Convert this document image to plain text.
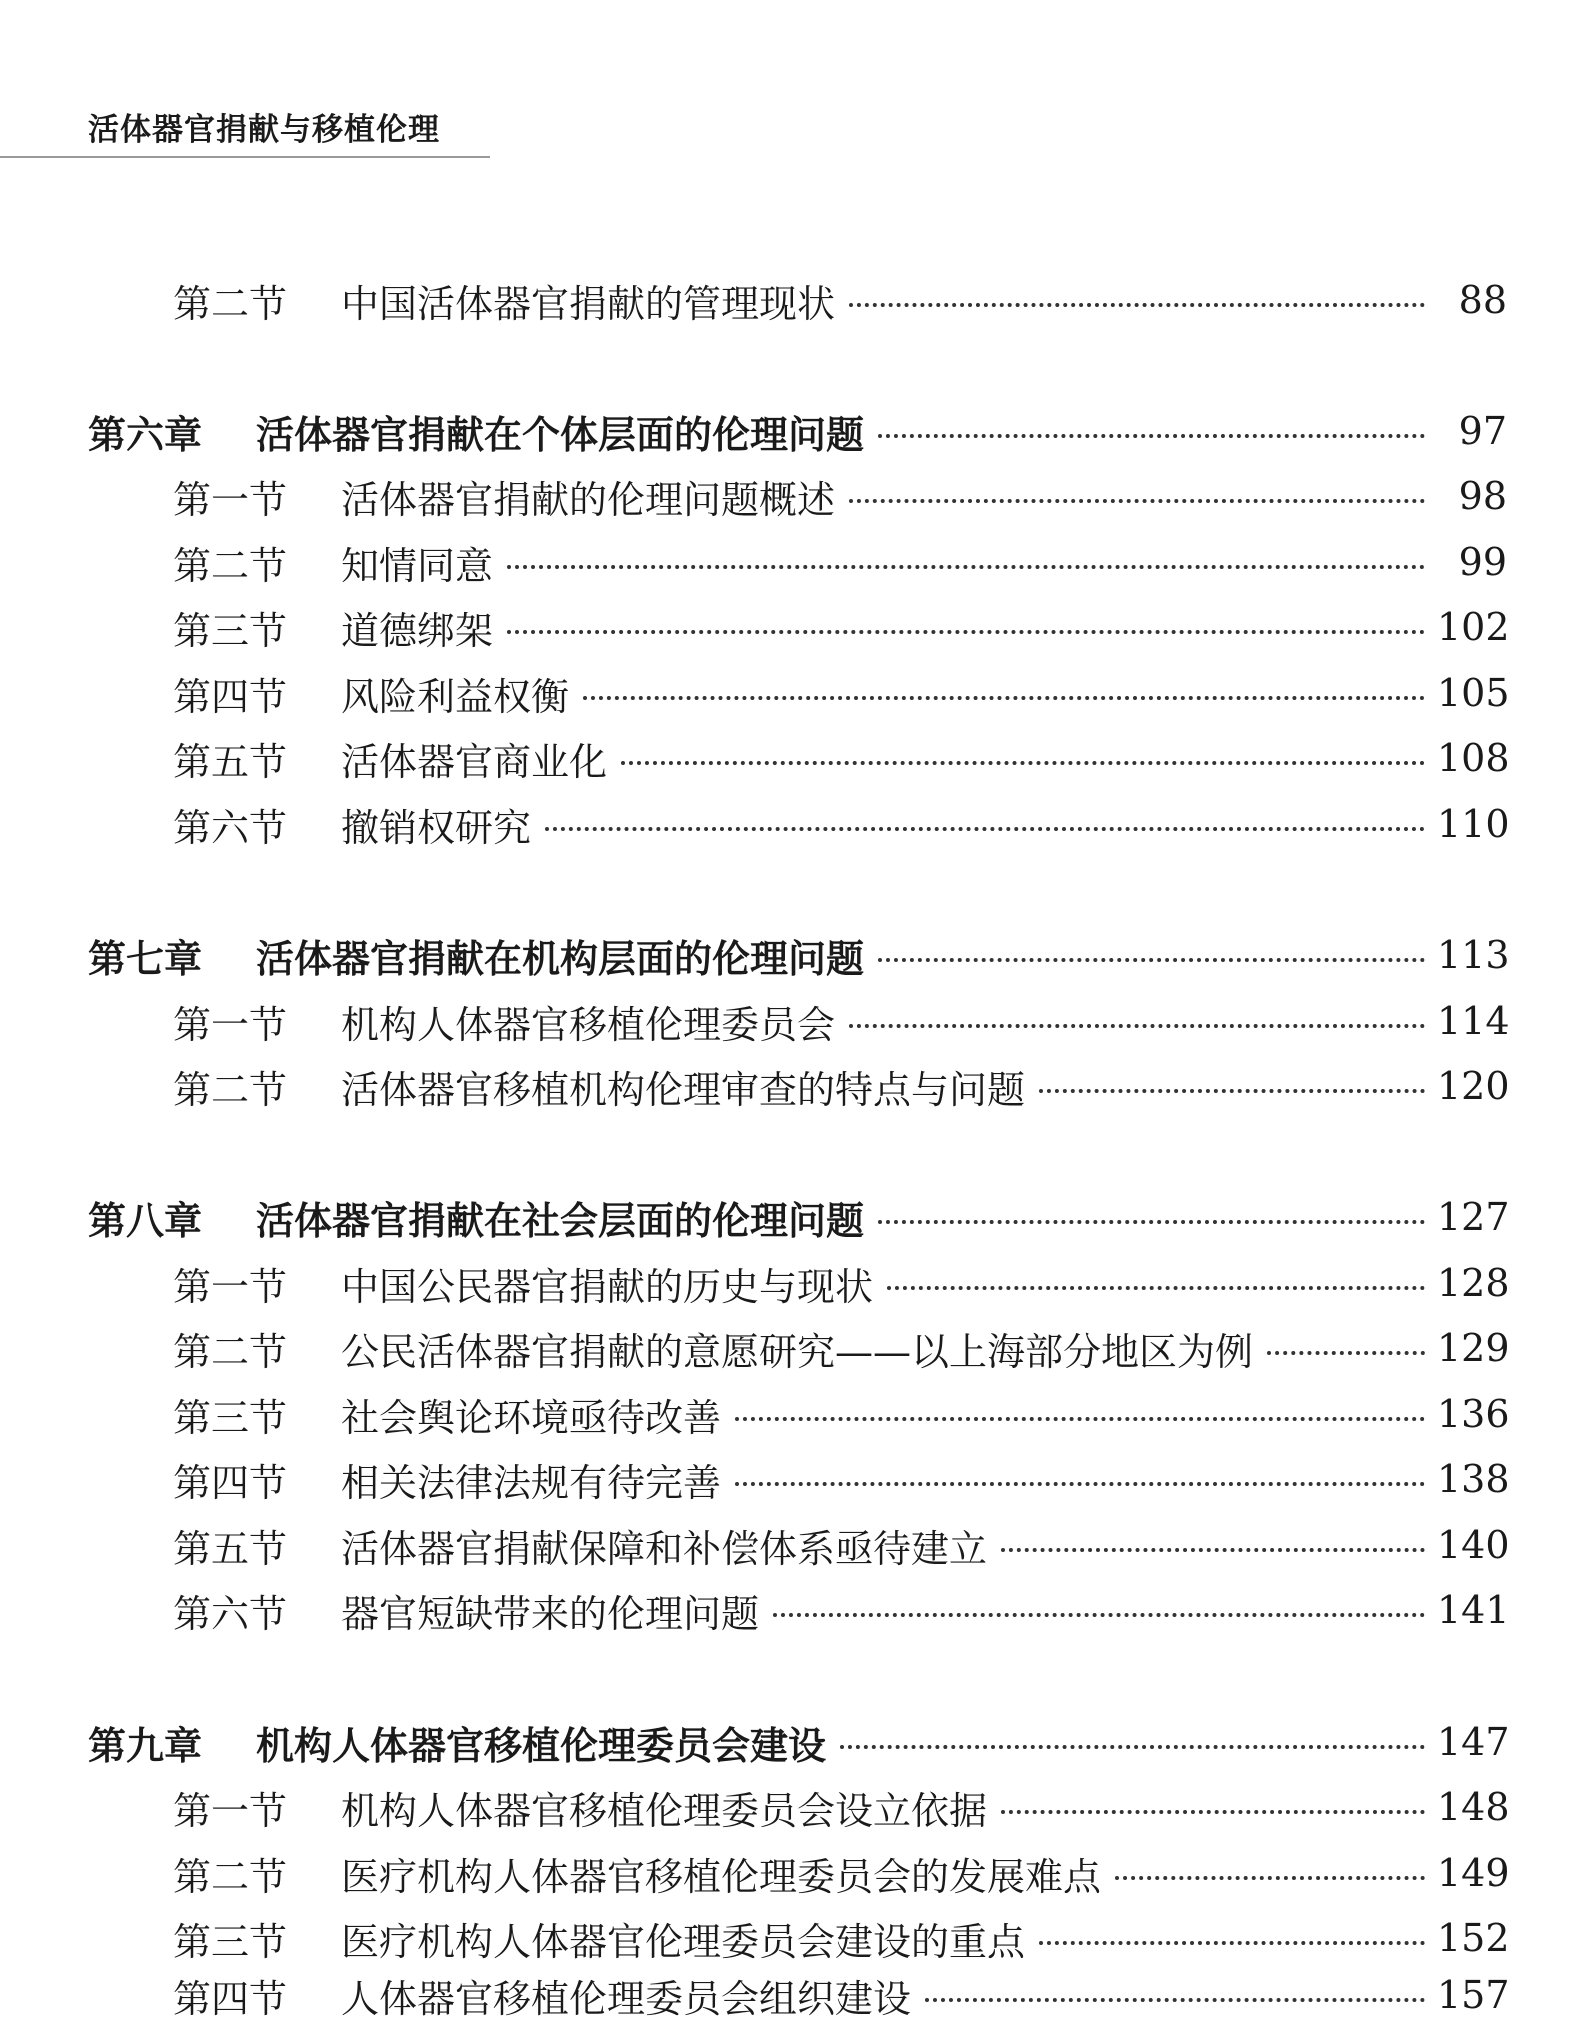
活体器官捐献与移植伦理
第二节	中国活体器官捐献的管理现状	88
第六章	活体器官捐献在个体层面的伦理问题	97
第一节	活体器官捐献的伦理问题概述	98
第二节	知情同意	99
第三节	道德绑架	102
第四节	风险利益权衡	105
第五节	活体器官商业化	108
第六节	撤销权研究	110
第七章	活体器官捐献在机构层面的伦理问题	113
第一节	机构人体器官移植伦理委员会	114
第二节	活体器官移植机构伦理审查的特点与问题	120
第八章	活体器官捐献在社会层面的伦理问题	127
第一节	中国公民器官捐献的历史与现状	128
第二节	公民活体器官捐献的意愿研究——以上海部分地区为例	129
第三节	社会舆论环境亟待改善	136
第四节	相关法律法规有待完善	138
第五节	活体器官捐献保障和补偿体系亟待建立	140
第六节	器官短缺带来的伦理问题	141
第九章	机构人体器官移植伦理委员会建设	147
第一节	机构人体器官移植伦理委员会设立依据	148
第二节	医疗机构人体器官移植伦理委员会的发展难点	149
第三节	医疗机构人体器官伦理委员会建设的重点	152
第四节	人体器官移植伦理委员会组织建设	157
